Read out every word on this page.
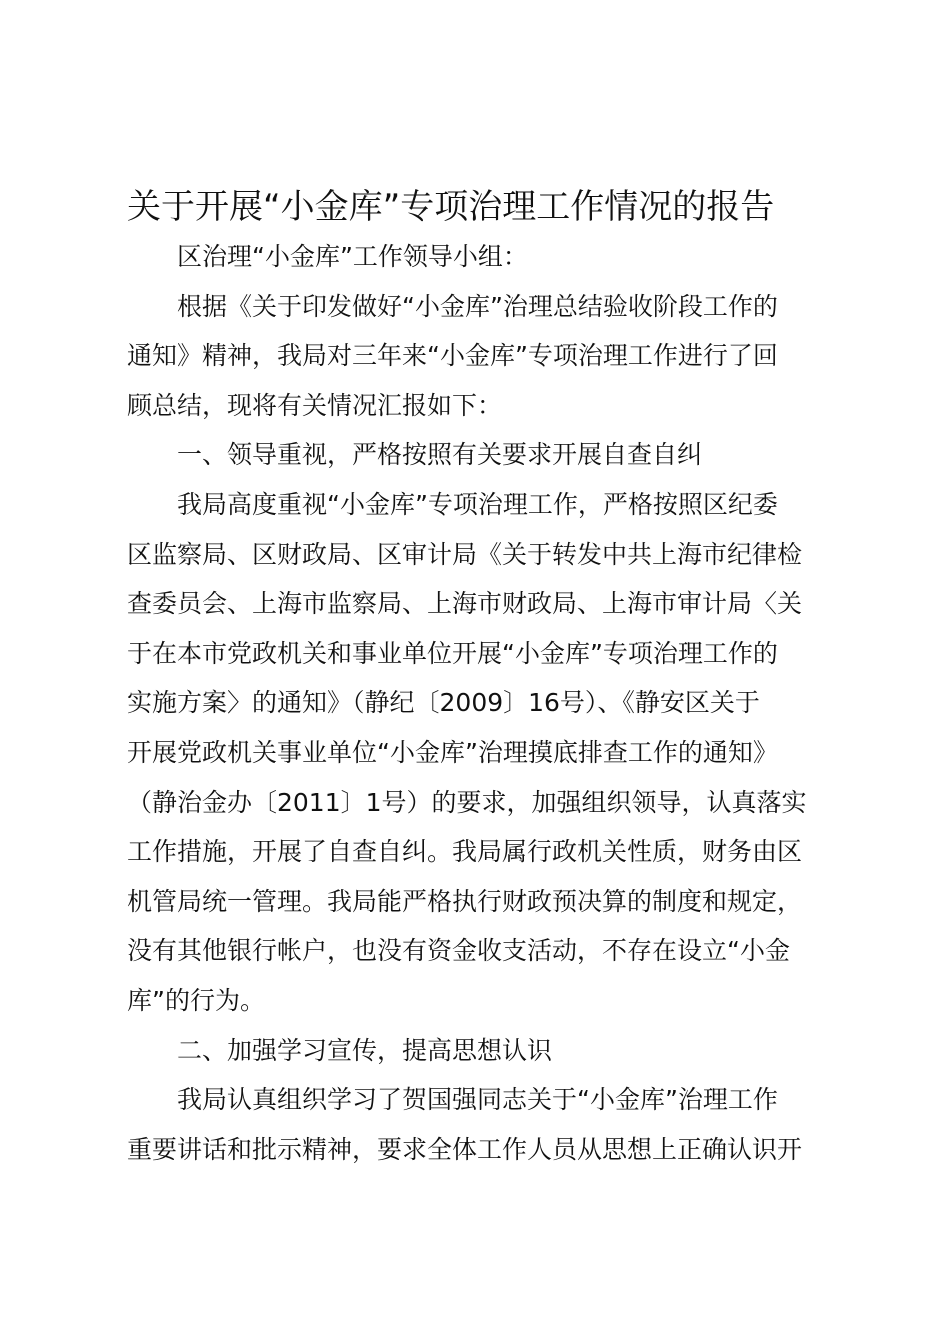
关于开展“小金库”专项治理工作情况的报告
区治理“小金库”工作领导小组：
根据《关于印发做好“小金库”治理总结验收阶段工作的
通知》精神，我局对三年来“小金库”专项治理工作进行了回
顾总结，现将有关情况汇报如下：
一、领导重视，严格按照有关要求开展自查自纠
我局高度重视“小金库”专项治理工作，严格按照区纪委
区监察局、区财政局、区审计局《关于转发中共上海市纪律检
查委员会、上海市监察局、上海市财政局、上海市审计局〈关
于在本市党政机关和事业单位开展“小金库”专项治理工作的
实施方案〉的通知》（静纪〔2009〕16号）、《静安区关于
开展党政机关事业单位“小金库”治理摸底排查工作的通知》
（静治金办〔2011〕1号）的要求，加强组织领导，认真落实
工作措施，开展了自查自纠。我局属行政机关性质，财务由区
机管局统一管理。我局能严格执行财政预决算的制度和规定，
没有其他银行帐户，也没有资金收支活动，不存在设立“小金
库”的行为。
二、加强学习宣传，提高思想认识
我局认真组织学习了贺国强同志关于“小金库”治理工作
重要讲话和批示精神，要求全体工作人员从思想上正确认识开
